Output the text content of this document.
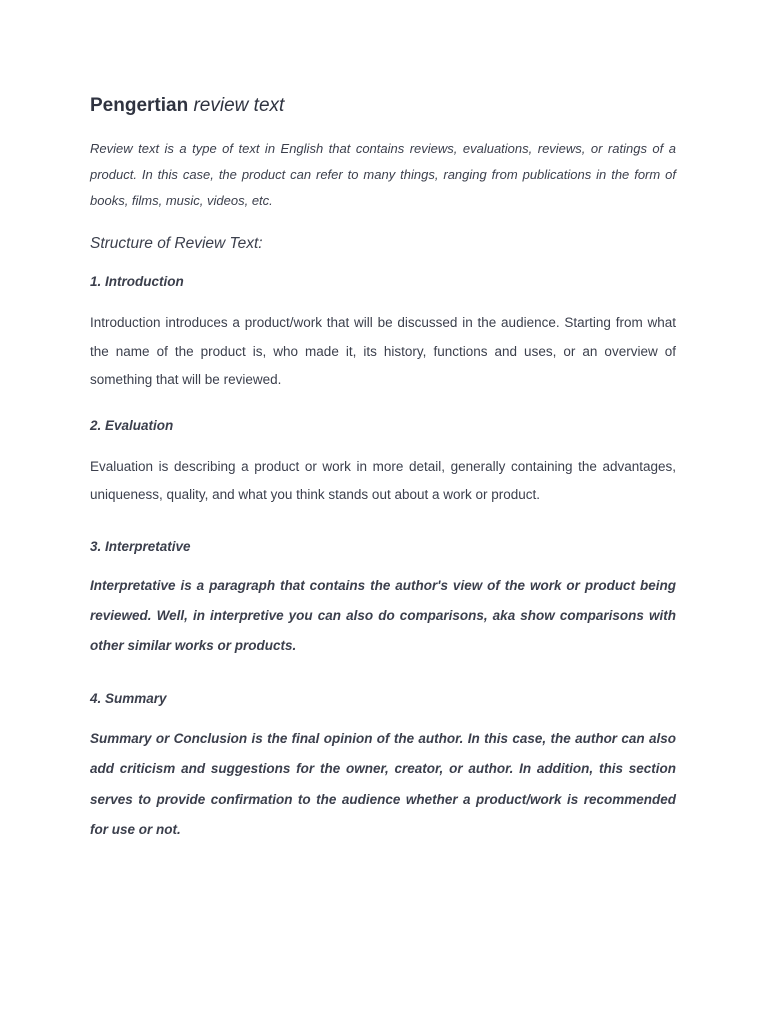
Pengertian review text

Review text is a type of text in English that contains reviews, evaluations, reviews, or ratings of a product. In this case, the product can refer to many things, ranging from publications in the form of books, films, music, videos, etc.

Structure of Review Text:
1. Introduction

Introduction introduces a product/work that will be discussed in the audience. Starting from what the name of the product is, who made it, its history, functions and uses, or an overview of something that will be reviewed.

2. Evaluation

Evaluation is describing a product or work in more detail, generally containing the advantages, uniqueness, quality, and what you think stands out about a work or product.

3. Interpretative

Interpretative is a paragraph that contains the author's view of the work or product being reviewed. Well, in interpretive you can also do comparisons, aka show comparisons with other similar works or products.

4. Summary

Summary or Conclusion is the final opinion of the author. In this case, the author can also add criticism and suggestions for the owner, creator, or author. In addition, this section serves to provide confirmation to the audience whether a product/work is recommended for use or not.
